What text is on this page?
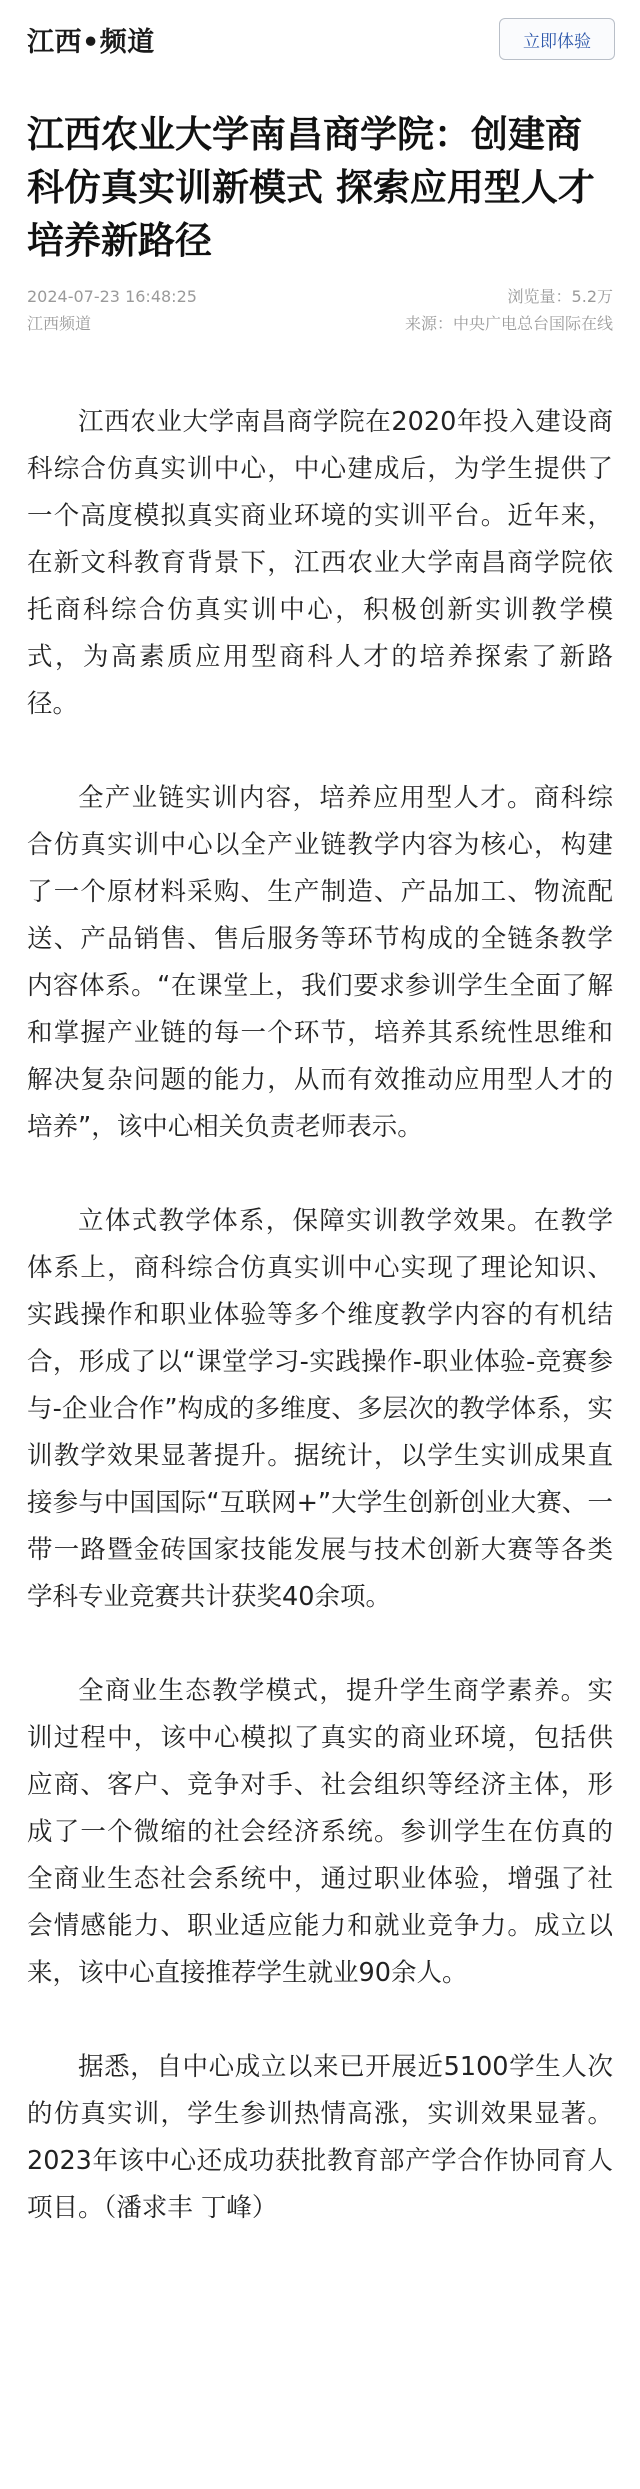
江西•频道	立即体验
江西农业大学南昌商学院：创建商科仿真实训新模式 探索应用型人才培养新路径
2024-07-23 16:48:25	浏览量：5.2万
江西频道	来源：中央广电总台国际在线

江西农业大学南昌商学院在2020年投入建设商科综合仿真实训中心，中心建成后，为学生提供了一个高度模拟真实商业环境的实训平台。近年来，在新文科教育背景下，江西农业大学南昌商学院依托商科综合仿真实训中心，积极创新实训教学模式，为高素质应用型商科人才的培养探索了新路径。

全产业链实训内容，培养应用型人才。商科综合仿真实训中心以全产业链教学内容为核心，构建了一个原材料采购、生产制造、产品加工、物流配送、产品销售、售后服务等环节构成的全链条教学内容体系。“在课堂上，我们要求参训学生全面了解和掌握产业链的每一个环节，培养其系统性思维和解决复杂问题的能力，从而有效推动应用型人才的培养”，该中心相关负责老师表示。

立体式教学体系，保障实训教学效果。在教学体系上，商科综合仿真实训中心实现了理论知识、实践操作和职业体验等多个维度教学内容的有机结合，形成了以“课堂学习-实践操作-职业体验-竞赛参与-企业合作”构成的多维度、多层次的教学体系，实训教学效果显著提升。据统计，以学生实训成果直接参与中国国际“互联网+”大学生创新创业大赛、一带一路暨金砖国家技能发展与技术创新大赛等各类学科专业竞赛共计获奖40余项。

全商业生态教学模式，提升学生商学素养。实训过程中，该中心模拟了真实的商业环境，包括供应商、客户、竞争对手、社会组织等经济主体，形成了一个微缩的社会经济系统。参训学生在仿真的全商业生态社会系统中，通过职业体验，增强了社会情感能力、职业适应能力和就业竞争力。成立以来，该中心直接推荐学生就业90余人。

据悉，自中心成立以来已开展近5100学生人次的仿真实训，学生参训热情高涨，实训效果显著。2023年该中心还成功获批教育部产学合作协同育人项目。（潘求丰 丁峰）
